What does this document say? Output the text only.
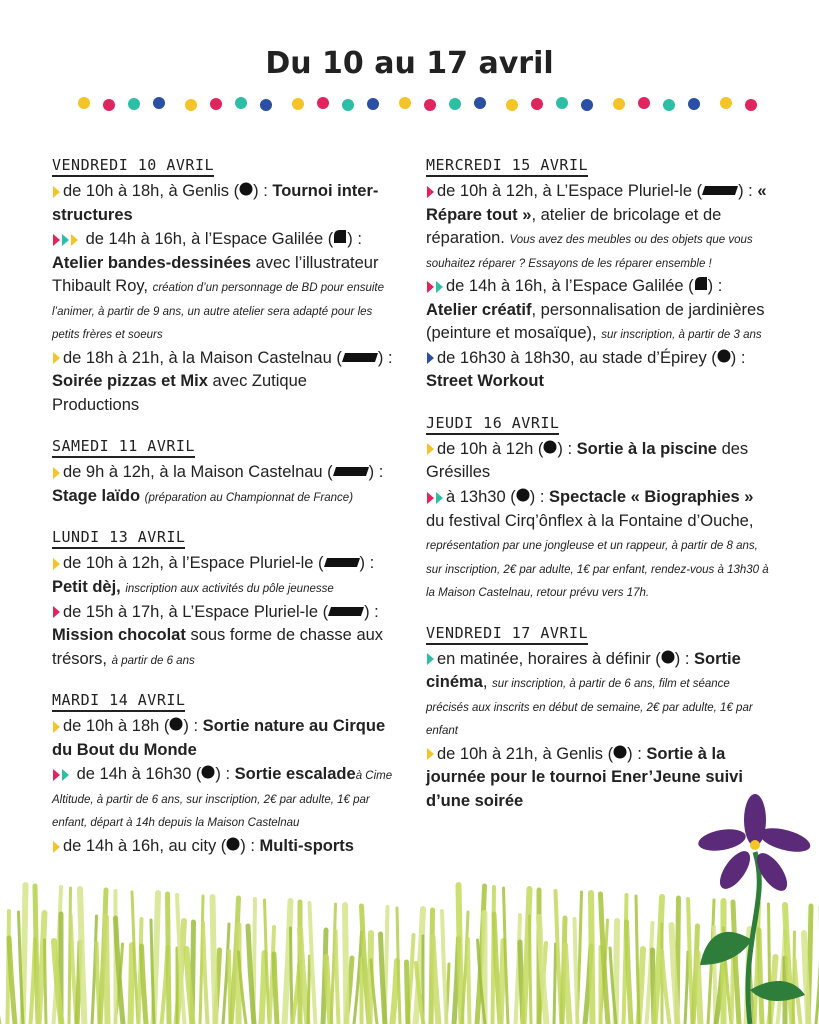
Du 10 au 17 avril
VENDREDI 10 AVRIL
de 10h à 18h, à Genlis ( ) : Tournoi inter-structures
de 14h à 16h, à l’Espace Galilée ( ) : Atelier bandes-dessinées avec l’illustrateur Thibault Roy, création d’un personnage de BD pour ensuite l’animer, à partir de 9 ans, un autre atelier sera adapté pour les petits frères et soeurs
de 18h à 21h, à la Maison Castelnau ( ) : Soirée pizzas et Mix avec Zutique Productions
SAMEDI 11 AVRIL
de 9h à 12h, à la Maison Castelnau ( ) : Stage laïdo (préparation au Championnat de France)
LUNDI 13 AVRIL
de 10h à 12h, à l’Espace Pluriel-le ( ) : Petit dèj, inscription aux activités du pôle jeunesse
de 15h à 17h, à L’Espace Pluriel-le ( ) : Mission chocolat sous forme de chasse aux trésors, à partir de 6 ans
MARDI 14 AVRIL
de 10h à 18h ( ) : Sortie nature au Cirque du Bout du Monde
de 14h à 16h30 ( ) : Sortie escaladeà Cime Altitude, à partir de 6 ans, sur inscription, 2€ par adulte, 1€ par enfant, départ à 14h depuis la Maison Castelnau
de 14h à 16h, au city ( ) : Multi-sports
MERCREDI 15 AVRIL
de 10h à 12h, à L’Espace Pluriel-le ( ) : « Répare tout », atelier de bricolage et de réparation. Vous avez des meubles ou des objets que vous souhaitez réparer ? Essayons de les réparer ensemble !
de 14h à 16h, à l’Espace Galilée ( ) : Atelier créatif, personnalisation de jardinières (peinture et mosaïque), sur inscription, à partir de 3 ans
de 16h30 à 18h30, au stade d’Épirey ( ) : Street Workout
JEUDI 16 AVRIL
de 10h à 12h ( ) : Sortie à la piscine des Grésilles
à 13h30 ( ) : Spectacle « Biographies » du festival Cirq’ônflex à la Fontaine d’Ouche, représentation par une jongleuse et un rappeur, à partir de 8 ans, sur inscription, 2€ par adulte, 1€ par enfant, rendez-vous à 13h30 à la Maison Castelnau, retour prévu vers 17h.
VENDREDI 17 AVRIL
en matinée, horaires à définir ( ) : Sortie cinéma, sur inscription, à partir de 6 ans, film et séance précisés aux inscrits en début de semaine, 2€ par adulte, 1€ par enfant
de 10h à 21h, à Genlis ( ) : Sortie à la journée pour le tournoi Ener’Jeune suivi d’une soirée
